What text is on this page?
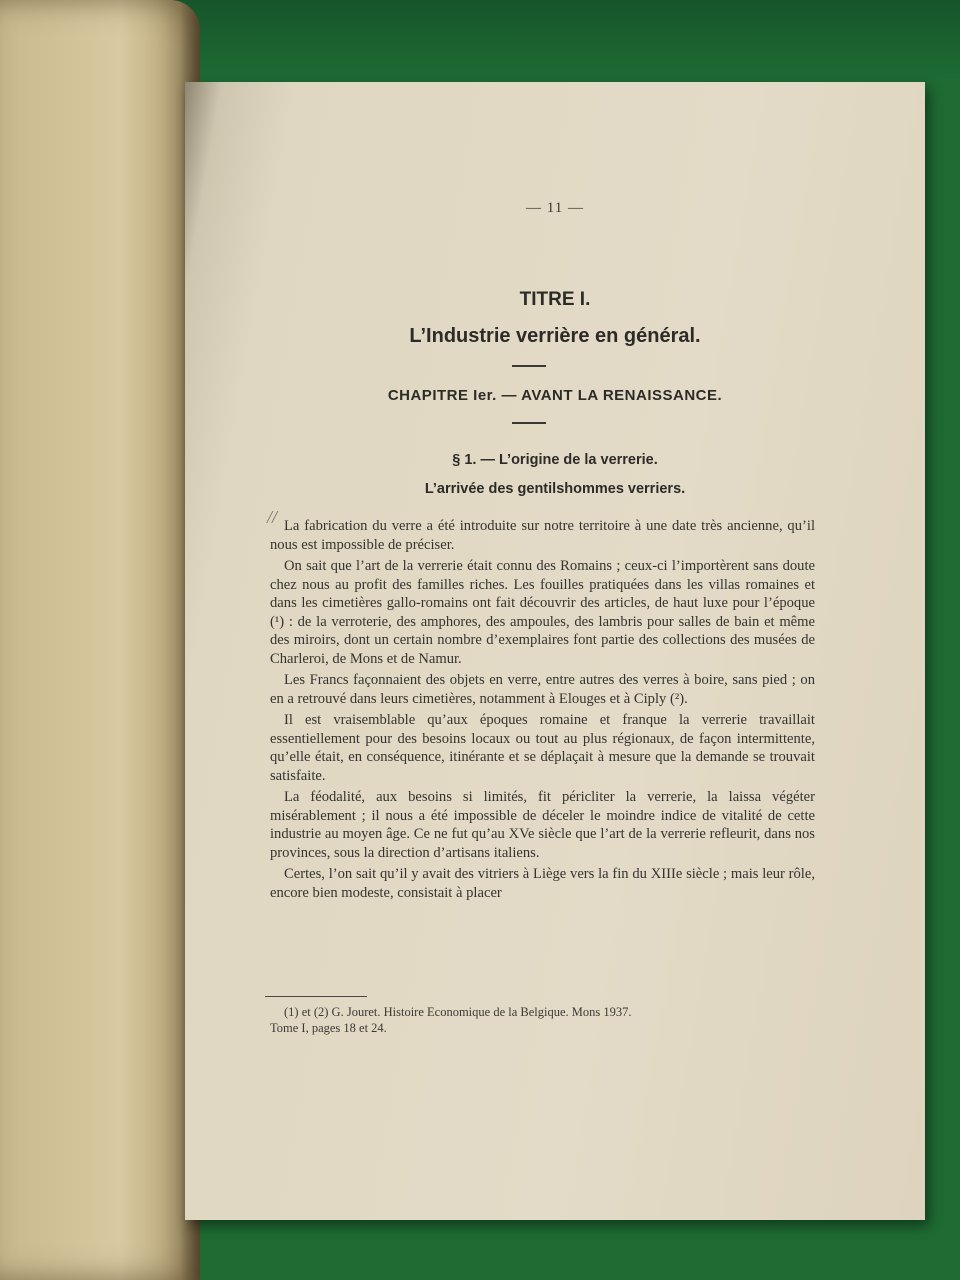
— 11 —
TITRE I.
L’Industrie verrière en général.
CHAPITRE Ier. — AVANT LA RENAISSANCE.
§ 1. — L’origine de la verrerie.
L’arrivée des gentilshommes verriers.
// La fabrication du verre a été introduite sur notre territoire à une date très ancienne, qu’il nous est impossible de préciser.

On sait que l’art de la verrerie était connu des Romains ; ceux-ci l’importèrent sans doute chez nous au profit des familles riches. Les fouilles pratiquées dans les villas romaines et dans les cimetières gallo-romains ont fait découvrir des articles, de haut luxe pour l’époque (¹) : de la verroterie, des amphores, des ampoules, des lambris pour salles de bain et même des miroirs, dont un certain nombre d’exemplaires font partie des collections des musées de Charleroi, de Mons et de Namur.

Les Francs façonnaient des objets en verre, entre autres des verres à boire, sans pied ; on en a retrouvé dans leurs cimetières, notamment à Elouges et à Ciply (²).

Il est vraisemblable qu’aux époques romaine et franque la verrerie travaillait essentiellement pour des besoins locaux ou tout au plus régionaux, de façon intermittente, qu’elle était, en conséquence, itinérante et se déplaçait à mesure que la demande se trouvait satisfaite.

La féodalité, aux besoins si limités, fit péricliter la verrerie, la laissa végéter misérablement ; il nous a été impossible de déceler le moindre indice de vitalité de cette industrie au moyen âge. Ce ne fut qu’au XVe siècle que l’art de la verrerie refleurit, dans nos provinces, sous la direction d’artisans italiens.

Certes, l’on sait qu’il y avait des vitriers à Liège vers la fin du XIIIe siècle ; mais leur rôle, encore bien modeste, consistait à placer

(1) et (2) G. Jouret. Histoire Economique de la Belgique. Mons 1937.

Tome I, pages 18 et 24.
